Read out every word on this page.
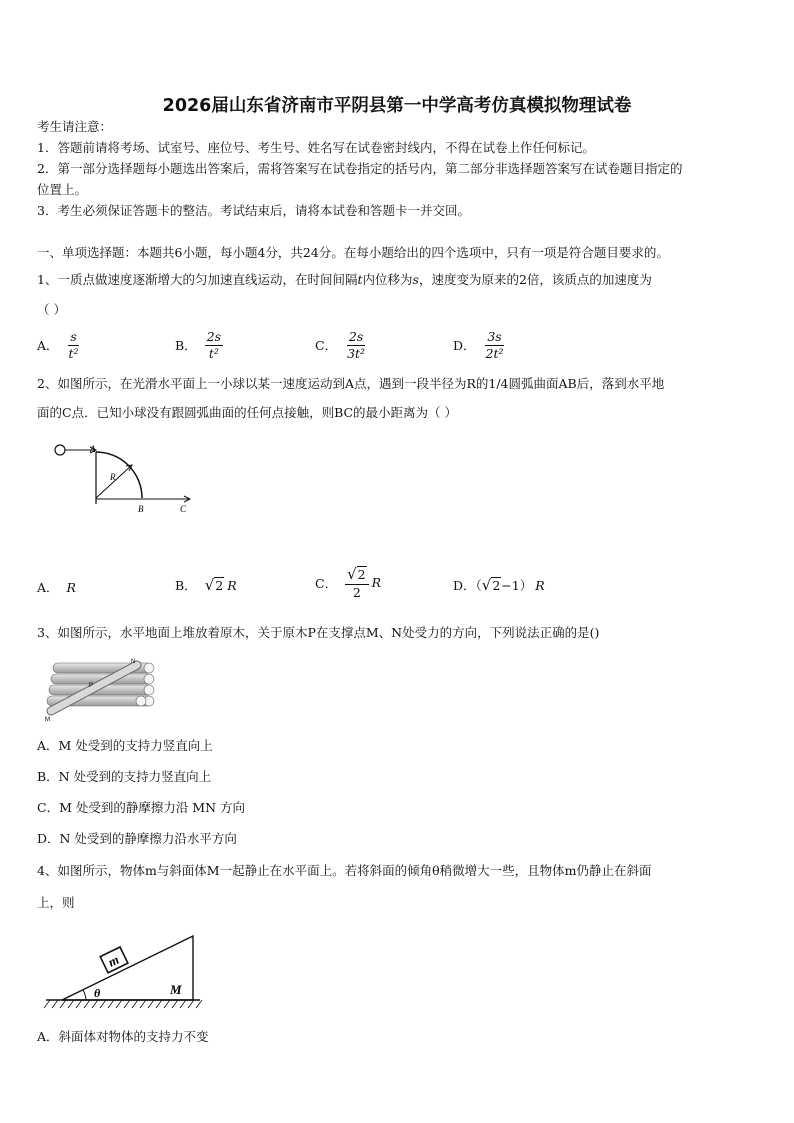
2026届山东省济南市平阴县第一中学高考仿真模拟物理试卷
考生请注意：
1．答题前请将考场、试室号、座位号、考生号、姓名写在试卷密封线内，不得在试卷上作任何标记。
2．第一部分选择题每小题选出答案后，需将答案写在试卷指定的括号内，第二部分非选择题答案写在试卷题目指定的
位置上。
3．考生必须保证答题卡的整洁。考试结束后，请将本试卷和答题卡一并交回。
一、单项选择题：本题共6小题，每小题4分，共24分。在每小题给出的四个选项中，只有一项是符合题目要求的。
1、一质点做速度逐渐增大的匀加速直线运动，在时间间隔t内位移为s，速度变为原来的2倍，该质点的加速度为
（ ）
A． $\frac{s}{\text{t²}}$	B． $\frac{2s}{\text{t²}}$	C． $\frac{2s}{\text{3t²}}$	D． $\frac{3s}{\text{2t²}}$
2、如图所示，在光滑水平面上一小球以某一速度运动到A点，遇到一段半径为R的1/4圆弧曲面AB后，落到水平地
面的C点．已知小球没有跟圆弧曲面的任何点接触，则BC的最小距离为（ ）
A
R
B	C
A． R	B． √2 R	C． $\frac{√2}{2}$ R	D．（ √2 −1） R
3、如图所示，水平地面上堆放着原木，关于原木P在支撑点M、N处受力的方向，下列说法正确的是()
N
P
M
A．M 处受到的支持力竖直向上
B．N 处受到的支持力竖直向上
C．M 处受到的静摩擦力沿 MN 方向
D．N 处受到的静摩擦力沿水平方向
4、如图所示，物体m与斜面体M一起静止在水平面上。若将斜面的倾角θ稍微增大一些，且物体m仍静止在斜面
上，则
m
θ	M
A．斜面体对物体的支持力不变
